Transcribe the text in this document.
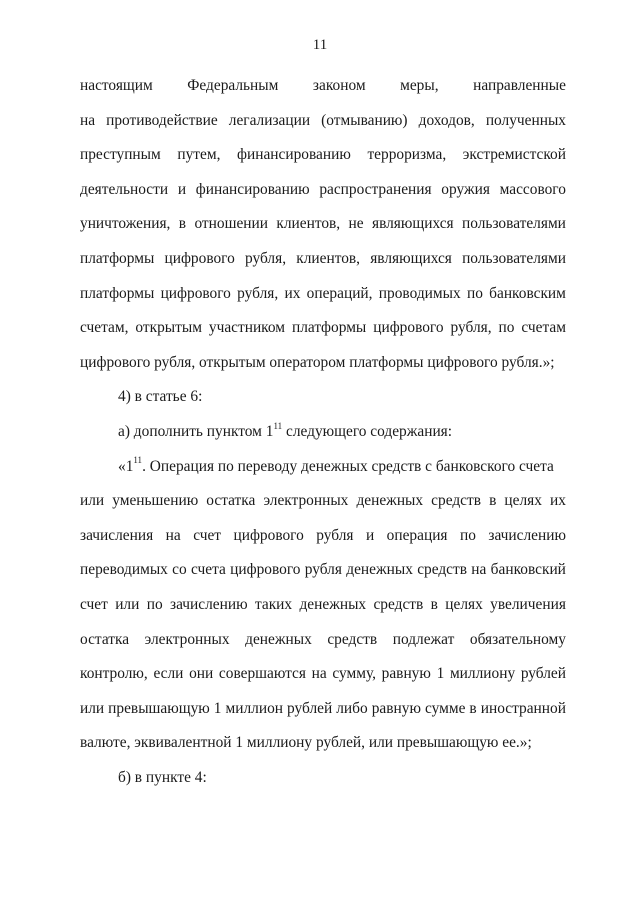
11
настоящим Федеральным законом меры, направленные
на противодействие легализации (отмыванию) доходов, полученных
преступным путем, финансированию терроризма, экстремистской
деятельности и финансированию распространения оружия массового
уничтожения, в отношении клиентов, не являющихся пользователями
платформы цифрового рубля, клиентов, являющихся пользователями
платформы цифрового рубля, их операций, проводимых по банковским
счетам, открытым участником платформы цифрового рубля, по счетам
цифрового рубля, открытым оператором платформы цифрового рубля.»;
4) в статье 6:
а) дополнить пунктом $1^{11}$ следующего содержания:
«$1^{11}$. Операция по переводу денежных средств с банковского счета
или уменьшению остатка электронных денежных средств в целях их
зачисления на счет цифрового рубля и операция по зачислению
переводимых со счета цифрового рубля денежных средств на банковский
счет или по зачислению таких денежных средств в целях увеличения
остатка электронных денежных средств подлежат обязательному
контролю, если они совершаются на сумму, равную 1 миллиону рублей
или превышающую 1 миллион рублей либо равную сумме в иностранной
валюте, эквивалентной 1 миллиону рублей, или превышающую ее.»;
б) в пункте 4:
